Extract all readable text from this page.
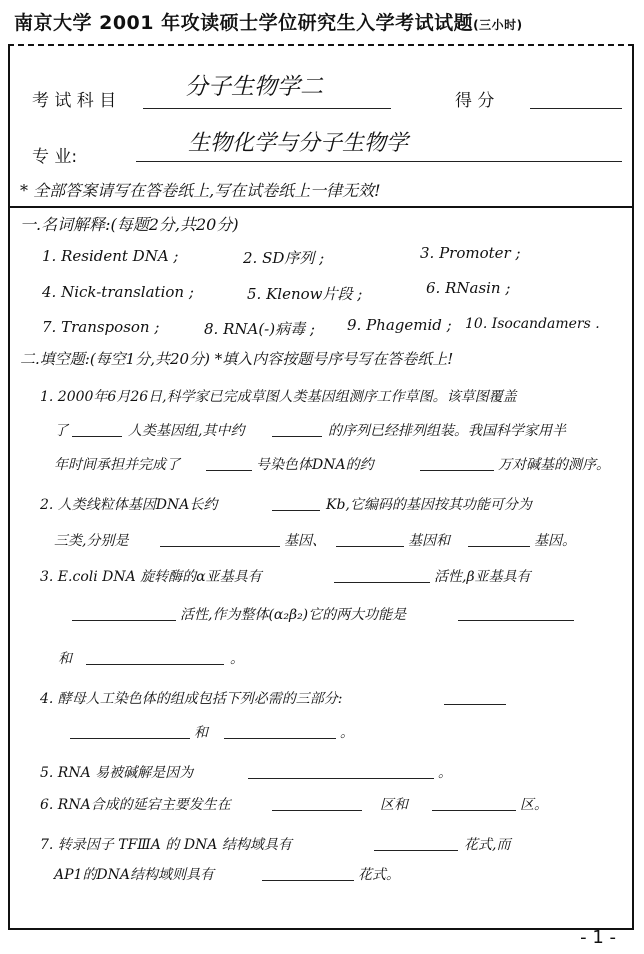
南京大学 2001 年攻读硕士学位研究生入学考试试题(三小时)
考 试 科 目
分子生物学二
得 分
专 业:
生物化学与分子生物学
* 全部答案请写在答卷纸上,写在试卷纸上一律无效!
一.名词解释:(每题2分,共20分)
1. Resident DNA ;	2. SD序列 ;	3. Promoter ;
4. Nick-translation ;	5. Klenow片段 ;	6. RNasin ;
7. Transposon ;	8. RNA(-)病毒 ; 9. Phagemid ; 10. Isocandamers .
二.填空题:(每空1分,共20分) *填入内容按题号序号写在答卷纸上!
1. 2000年6月26日,科学家已完成草图人类基因组测序工作草图。该草图覆盖
了	人类基因组,其中约	的序列已经排列组装。我国科学家用半
年时间承担并完成了	号染色体DNA的约	万对碱基的测序。
2. 人类线粒体基因DNA长约	Kb,它编码的基因按其功能可分为
三类,分别是	基因、	基因和	基因。
3. E.coli DNA 旋转酶的α亚基具有	活性,β亚基具有
活性,作为整体(α₂β₂)它的两大功能是
和	。
4. 酵母人工染色体的组成包括下列必需的三部分:
和	。
5. RNA 易被碱解是因为	。
6. RNA合成的延宕主要发生在	区和	区。
7. 转录因子 TFⅢA 的 DNA 结构域具有	花式,而
AP1的DNA结构域则具有	花式。
- 1 -
